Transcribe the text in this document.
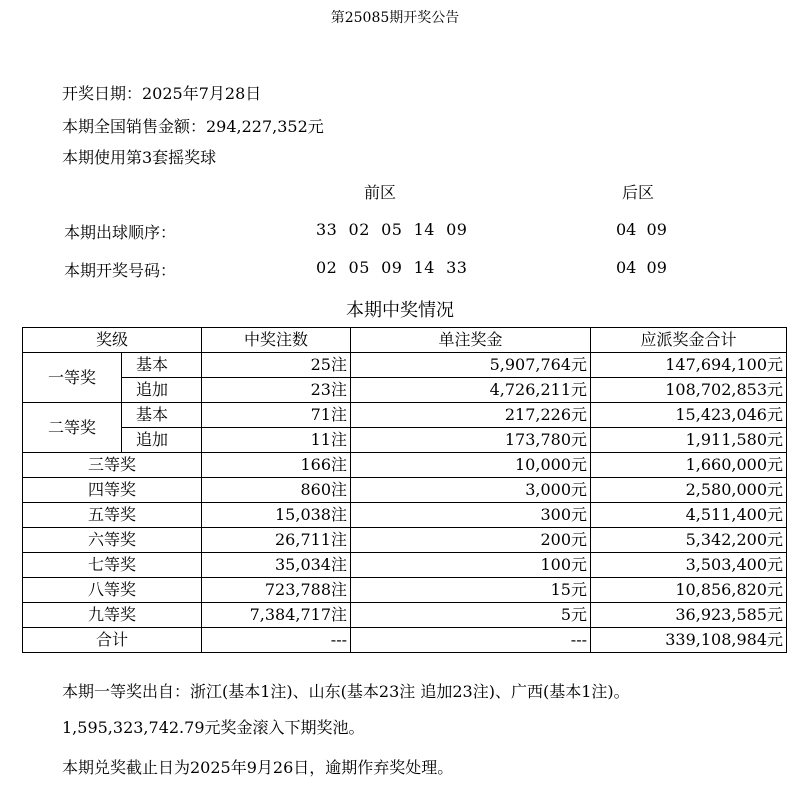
第25085期开奖公告
开奖日期：2025年7月28日
本期全国销售金额：294,227,352元
本期使用第3套摇奖球
前区	后区
本期出球顺序：	33  02  05  14  09	04  09
本期开奖号码：	02  05  09  14  33	04  09
本期中奖情况
奖级		中奖注数	单注奖金	应派奖金合计
一等奖	基本	25注	5,907,764元	147,694,100元
	追加	23注	4,726,211元	108,702,853元
二等奖	基本	71注	217,226元	15,423,046元
	追加	11注	173,780元	1,911,580元
三等奖		166注	10,000元	1,660,000元
四等奖		860注	3,000元	2,580,000元
五等奖		15,038注	300元	4,511,400元
六等奖		26,711注	200元	5,342,200元
七等奖		35,034注	100元	3,503,400元
八等奖		723,788注	15元	10,856,820元
九等奖		7,384,717注	5元	36,923,585元
合计		---	---	339,108,984元
本期一等奖出自：浙江(基本1注)、山东(基本23注 追加23注)、广西(基本1注)。
1,595,323,742.79元奖金滚入下期奖池。
本期兑奖截止日为2025年9月26日，逾期作弃奖处理。
